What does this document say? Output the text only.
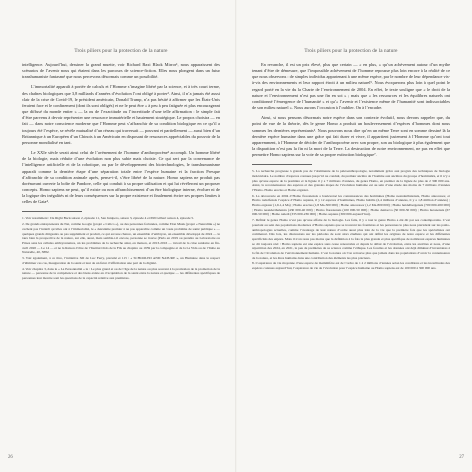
Trois piliers pour la protection de la nature

intelligence. Aujourd’hui, dessiner la grand muette, voir Richard Baxi Black Mirror¹, nous apparaissent des scénarios de l’avenir nous qui étaient dans les parcours de science-fiction. Elles nous plongent dans un futur transhumaniste fantasmé que nous percevons désormais comme un possibilité.

L’immortalité apparaît à portée de calculs et l’Homme s’imagine libéré par la science, et à très court terme, des chaînes biologiques que 3,8 milliards d’années d’évolution l’ont obligé à porter². Ainsi, il n’a jamais été aussi clair de la crise de Covid-19, le président américain, Donald Trump, n’a pas hésité à affirmer que les États-Unis feraient face et le confinement (dont ils sont obligés) et ne le peut être « à peu à peu fatiguée et plus encourageant que diffusé du monde entier » — la ou de l’exactitude ou l’incertitude d’une telle affirmation : le simple fait d’être parvenu à devoir représenter une ressource immatérielle et hautement stratégique. Le propos choisira — en fait — dans notre conscience moderne que l’Homme peut s’affranchir de sa condition biologique en ce qu’il a toujours été l’espèce, se révèle mutualisé d’un réseau qui traversait — pouvant et partiellement — aussi bien d’un Britannique à un Européen d’un Chinois à un Américain en disposant de ressources appréciables du pouvoir de la personne mondialisé en tant.

Le XXIe siècle serait ainsi celui de l’avènement de l’homme d’anthropocène³ accompli. Un homme libéré de la biologie, mais réduite d’une évolution non plus subie mais choisie. Ce qui sert par la convenance de l’intelligence artificielle et de la robotique, ou par le développement des biotechnologies, le transhumanisme apparaît comme la dernière étape d’une séparation totale entre l’espèce humaine et la fraction Presque d’affranchir de sa condition animale après, pense-t-il, s’être libéré de la nature. Homo sapiens ne produit pas dorénavant ouverte la boîte de Pandore, celle qui conduit à sa propre utilisation et qui lui révéleront un proposer concepts. Homo sapiens ne peut, qu’il existe ou non affranchissement d’un être biologique interne, évoluer ni de la logique des inégalités ni de leurs conséquences sur la propre existence et finalement écrire ses propres limites à celles de Gaia⁴.

1. Voir notamment : De Right Back saison 2, épisode 11, San Junipero, saison 3, épisode 4 et 699 Gilbert saison 4, épisode 5.

2. De grands entrepreneurs du Net, comme Google (projet « Calico »), ou des personnes fortunées, comme Elon Musk (projet « Neuralink ») ne cachent pas l’intérêt qu’elles ont à l’immortalité, le « deuxième premier à ne pas apparaître comme un vaste problème de santé publique » — quelques grands dirigeants ou pas supplément et produit, ce qui est une chance, un ensemble d’embryon, un ensemble développé de 2024 — le taux bien la prospective de la nature, sur elle, aussi, mais semble-t-il encore, personne se trouve (Paris en 2019 ou prendre au Laboratoire ou Prises sans les cellules embryonnaires, un les problèmes de la recherche ainsi, en maison, et 2013-2016 — travail de la crise sanitaire en fin-avril 2020 — Le 14 — et ne la Raison d’être de l’Institut Ordo de la Fils au chapitre ou 1959 par la compagnie et de la La Vida ou de l’Italie au Naturelle, 40, 3882.

3. Voir également, à ce titre, l’initiative XII de Luc Ferry, précédé et 115 : « SCHOOLED AND NATURE », un Humaine dans le respect d’éliminer ces cas, Inauguration de la santé et leur de un futur d’affirmation une part de la dignité.

4. Voir chapitre 3, dans le « La Personnalité » le : Le plus grand et ou de l’âge de la nature ou plus souvent à la promotion de la promotion de la nature — personne de la compétence et des biens existe en d’acquisition de la santé entre la nature et quelque — les différentes spécifiques de personnes leur montre sont les questions de la capacité relative aux premières.

Trois piliers pour la protection de la nature

En revanche, il est un prix élevé, plus que certain — « en plus, » qu’un achèvement autour d’un mythe tenant d’être de démesure, que l’impossible achèvement de l’homme repousse plus loin encore à la réalité de ce que nous observons : de simples individus appartenant à une même espèce, par le nombre de leur dépendance vis-à-vis des environnements et leur rapport étroit à un milieu naturel⁵. Nous évoquerons plus loin à quel point le regard porté en la vie du la Charte de l’environnement de 2004. En effet, le texte souligne que « le droit de la nature et l’environnement n’est pas une fin en soi » ; mais que « les ressources et les équilibres naturels ont conditionné l’émergence de l’humanité » et qu’« l’avenir et l’existence même de l’humanité sont indissociables de son milieu naturel ». Nous aurons l’occasion à l’oublier. On à l’encadre.

Ainsi, si nous pensons désormais notre espèce dans son contexte évolutif, nous devons rappeler que, du point de vue de la théorie, dès le genre Homo a produit un bouleversement d’espèces d’hommes dont nous sommes les dernières représentants⁶. Nous pouvons nous dire qu’en un même Terre sont en somme dessiné là la dernière espèce humaine dans une grâce qui fait durer et vivre, il appartient justement à l’Homme qu’ont tout apparemment, à l’Homme de décider de l’anthropocène avec son propre, son au biologique à plus également que la disparition n’est pas la fin ni la mort de la Terre. La destruction de notre environnement, ne pas en effet que permettre Homo sapiens sur la voie de sa propre extinction biologique⁷.

5. La recherche progresse à grands pas de l’dominante de la paléoanthropologie, notamment grâce aux progrès des techniques de biologie moléculaire. Le nombre d’espèces connues jusqu’ici ne conduit, du premier ancêtre de l’homme aux ancêtres du groupe d’hominidés, et il n’y a plus qu’une espèce de la première et la lignée il y a 7 millions d’années, du genre Homo, en premier de la lignée de plus de 2 300 000 ans. Ainsi, la reconnaissance des espèces et des grandes étapes de l’évolution humaine est au sein d’une étude des moins de 7 millions d’années l’Homo. Homo erectus et Homo ergaster.

6. La découverte en 2004 d’Homo floresiensis a bouleversé les connaissances des hominines (Homo neanderthalensis, Homo antecessor, et Homo rudolfensis l’espèce d’Homo sapiens, il y 12 espèces d’hominines, Homo habilis (2,4 millions d’années, il y a 1,8 million d’années) ; Homo ergaster (1,9-1,4 Ma) ; Homo erectus (1,8 Ma-300 000) ; Homo antecessor (1,2 Ma-800 000) ; Homo heidelbergensis (700 000-200 000) ; Homo neanderthalensis (430 000-40 000) ; Homo floresiensis (100 000-50 000) ; Homo denisova (50 000-30 000) ; Homo luzonensis (67 000-50 000) ; Homo naledi (335 000-236 000) ; Homo sapiens (300 000-aujourd’hui).

7. Définir le genre Homo n’est pas qu’une affaire de la biologie. Les faits, il y a tout le genre Homo a été dit par ses contemporains. C’est pourtant au sein des populations modernes d’Homo sapiens que se trouvent les frontières et les personnes le plus nous précèdent sur les paléo-anthropologies actuelles, comme l’avantage de leur nature d’ordre aussi plus loin de la vie que la première fois que les spécialistes ont commencé. Dès lors, les discussions sur les périodes de sont alors étudiées qui ont défini les origines de notre espèce et les différentes spécificités des enjeux. Mais il n’en reste pas moins que la définition à la fois la plus grande et plus spécifique de nombreux espèces humaines se dit toujours réel : Homo sapiens est une espèce sans cesse renouvelée et depuis le début de l’évolution, entre les ancêtres et nous, d’une répartition des 2024, en 2021, le peu de premières de sa science comme l’éthique. Les fossiles et les données ont déjà diminué d’inventaires à la fin de l’évolution de l’environnement humain. C’est la nature où l’on retrouve plus que jamais dans les populations d’avoir la connaissance de la nature, et les êtres humains dans une contribution des éléments les plus précieux.

8. L’espérance de vie moyenne d’une espèce de mammifère est de l’ordre de 1 à 2 millions d’années selon les conditions et les incertitudes des espèces connues aujourd’hui, l’espérance de vie de l’évolution pour l’espèce humaine ou Homo sapiens est de 100 000 à 300 000 ans.

26	27
